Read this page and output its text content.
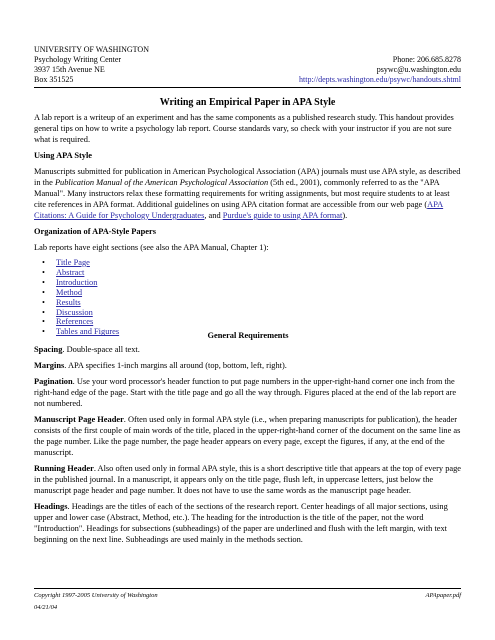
UNIVERSITY OF WASHINGTON
Psychology Writing Center	Phone: 206.685.8278
3937 15th Avenue NE	psywc@u.washington.edu
Box 351525	http://depts.washington.edu/psywc/handouts.shtml
Writing an Empirical Paper in APA Style

A lab report is a writeup of an experiment and has the same components as a published research study. This handout provides general tips on how to write a psychology lab report. Course standards vary, so check with your instructor if you are not sure what is required.

Using APA Style

Manuscripts submitted for publication in American Psychological Association (APA) journals must use APA style, as described in the Publication Manual of the American Psychological Association (5th ed., 2001), commonly referred to as the "APA Manual". Many instructors relax these formatting requirements for writing assignments, but most require students to at least cite references in APA format. Additional guidelines on using APA citation format are accessible from our web page (APA Citations: A Guide for Psychology Undergraduates, and Purdue's guide to using APA format).

Organization of APA-Style Papers

Lab reports have eight sections (see also the APA Manual, Chapter 1):

• Title Page
• Abstract
• Introduction
• Method
• Results
• Discussion
• References
• Tables and Figures	General Requirements

Spacing. Double-space all text.

Margins. APA specifies 1-inch margins all around (top, bottom, left, right).

Pagination. Use your word processor's header function to put page numbers in the upper-right-hand corner one inch from the right-hand edge of the page. Start with the title page and go all the way through. Figures placed at the end of the lab report are not numbered.

Manuscript Page Header. Often used only in formal APA style (i.e., when preparing manuscripts for publication), the header consists of the first couple of main words of the title, placed in the upper-right-hand corner of the document on the same line as the page number. Like the page number, the page header appears on every page, except the figures, if any, at the end of the manuscript.

Running Header. Also often used only in formal APA style, this is a short descriptive title that appears at the top of every page in the published journal. In a manuscript, it appears only on the title page, flush left, in uppercase letters, just below the manuscript page header and page number. It does not have to use the same words as the manuscript page header.

Headings. Headings are the titles of each of the sections of the research report. Center headings of all major sections, using upper and lower case (Abstract, Method, etc.). The heading for the introduction is the title of the paper, not the word "Introduction". Headings for subsections (subheadings) of the paper are underlined and flush with the left margin, with text beginning on the next line. Subheadings are used mainly in the methods section.

Copyright 1997-2005 University of Washington	APApaper.pdf
04/21/04
